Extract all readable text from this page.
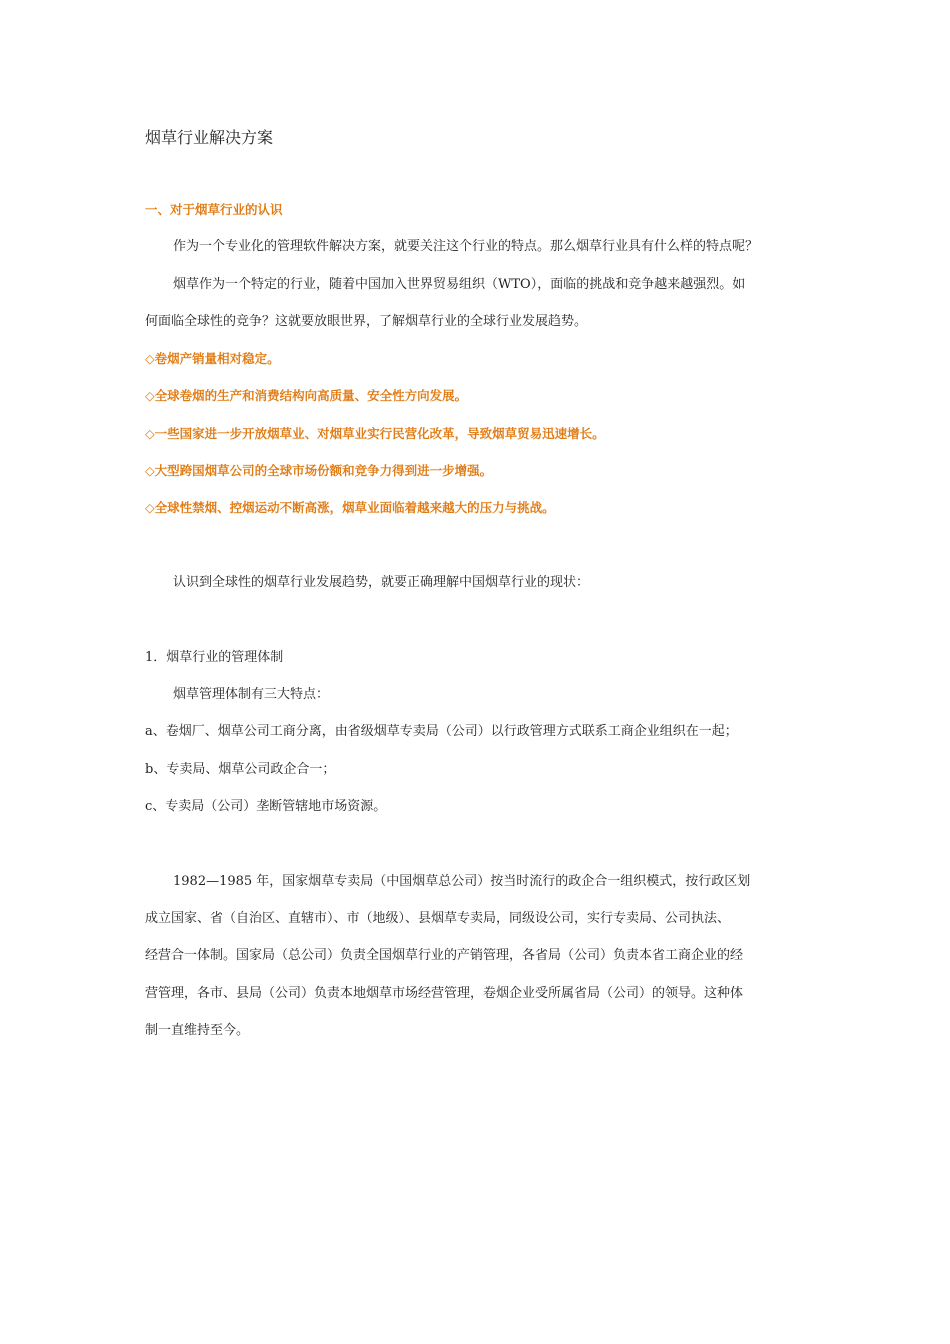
烟草行业解决方案
一、对于烟草行业的认识
作为一个专业化的管理软件解决方案，就要关注这个行业的特点。那么烟草行业具有什么样的特点呢？
烟草作为一个特定的行业，随着中国加入世界贸易组织（WTO），面临的挑战和竞争越来越强烈。如
何面临全球性的竞争？这就要放眼世界，了解烟草行业的全球行业发展趋势。
◇卷烟产销量相对稳定。
◇全球卷烟的生产和消费结构向高质量、安全性方向发展。
◇一些国家进一步开放烟草业、对烟草业实行民营化改革，导致烟草贸易迅速增长。
◇大型跨国烟草公司的全球市场份额和竞争力得到进一步增强。
◇全球性禁烟、控烟运动不断高涨，烟草业面临着越来越大的压力与挑战。
认识到全球性的烟草行业发展趋势，就要正确理解中国烟草行业的现状：
1．烟草行业的管理体制
烟草管理体制有三大特点：
a、卷烟厂、烟草公司工商分离，由省级烟草专卖局（公司）以行政管理方式联系工商企业组织在一起；
b、专卖局、烟草公司政企合一；
c、专卖局（公司）垄断管辖地市场资源。
1982—1985 年，国家烟草专卖局（中国烟草总公司）按当时流行的政企合一组织模式，按行政区划
成立国家、省（自治区、直辖市）、市（地级）、县烟草专卖局，同级设公司，实行专卖局、公司执法、
经营合一体制。国家局（总公司）负责全国烟草行业的产销管理，各省局（公司）负责本省工商企业的经
营管理，各市、县局（公司）负责本地烟草市场经营管理，卷烟企业受所属省局（公司）的领导。这种体
制一直维持至今。
